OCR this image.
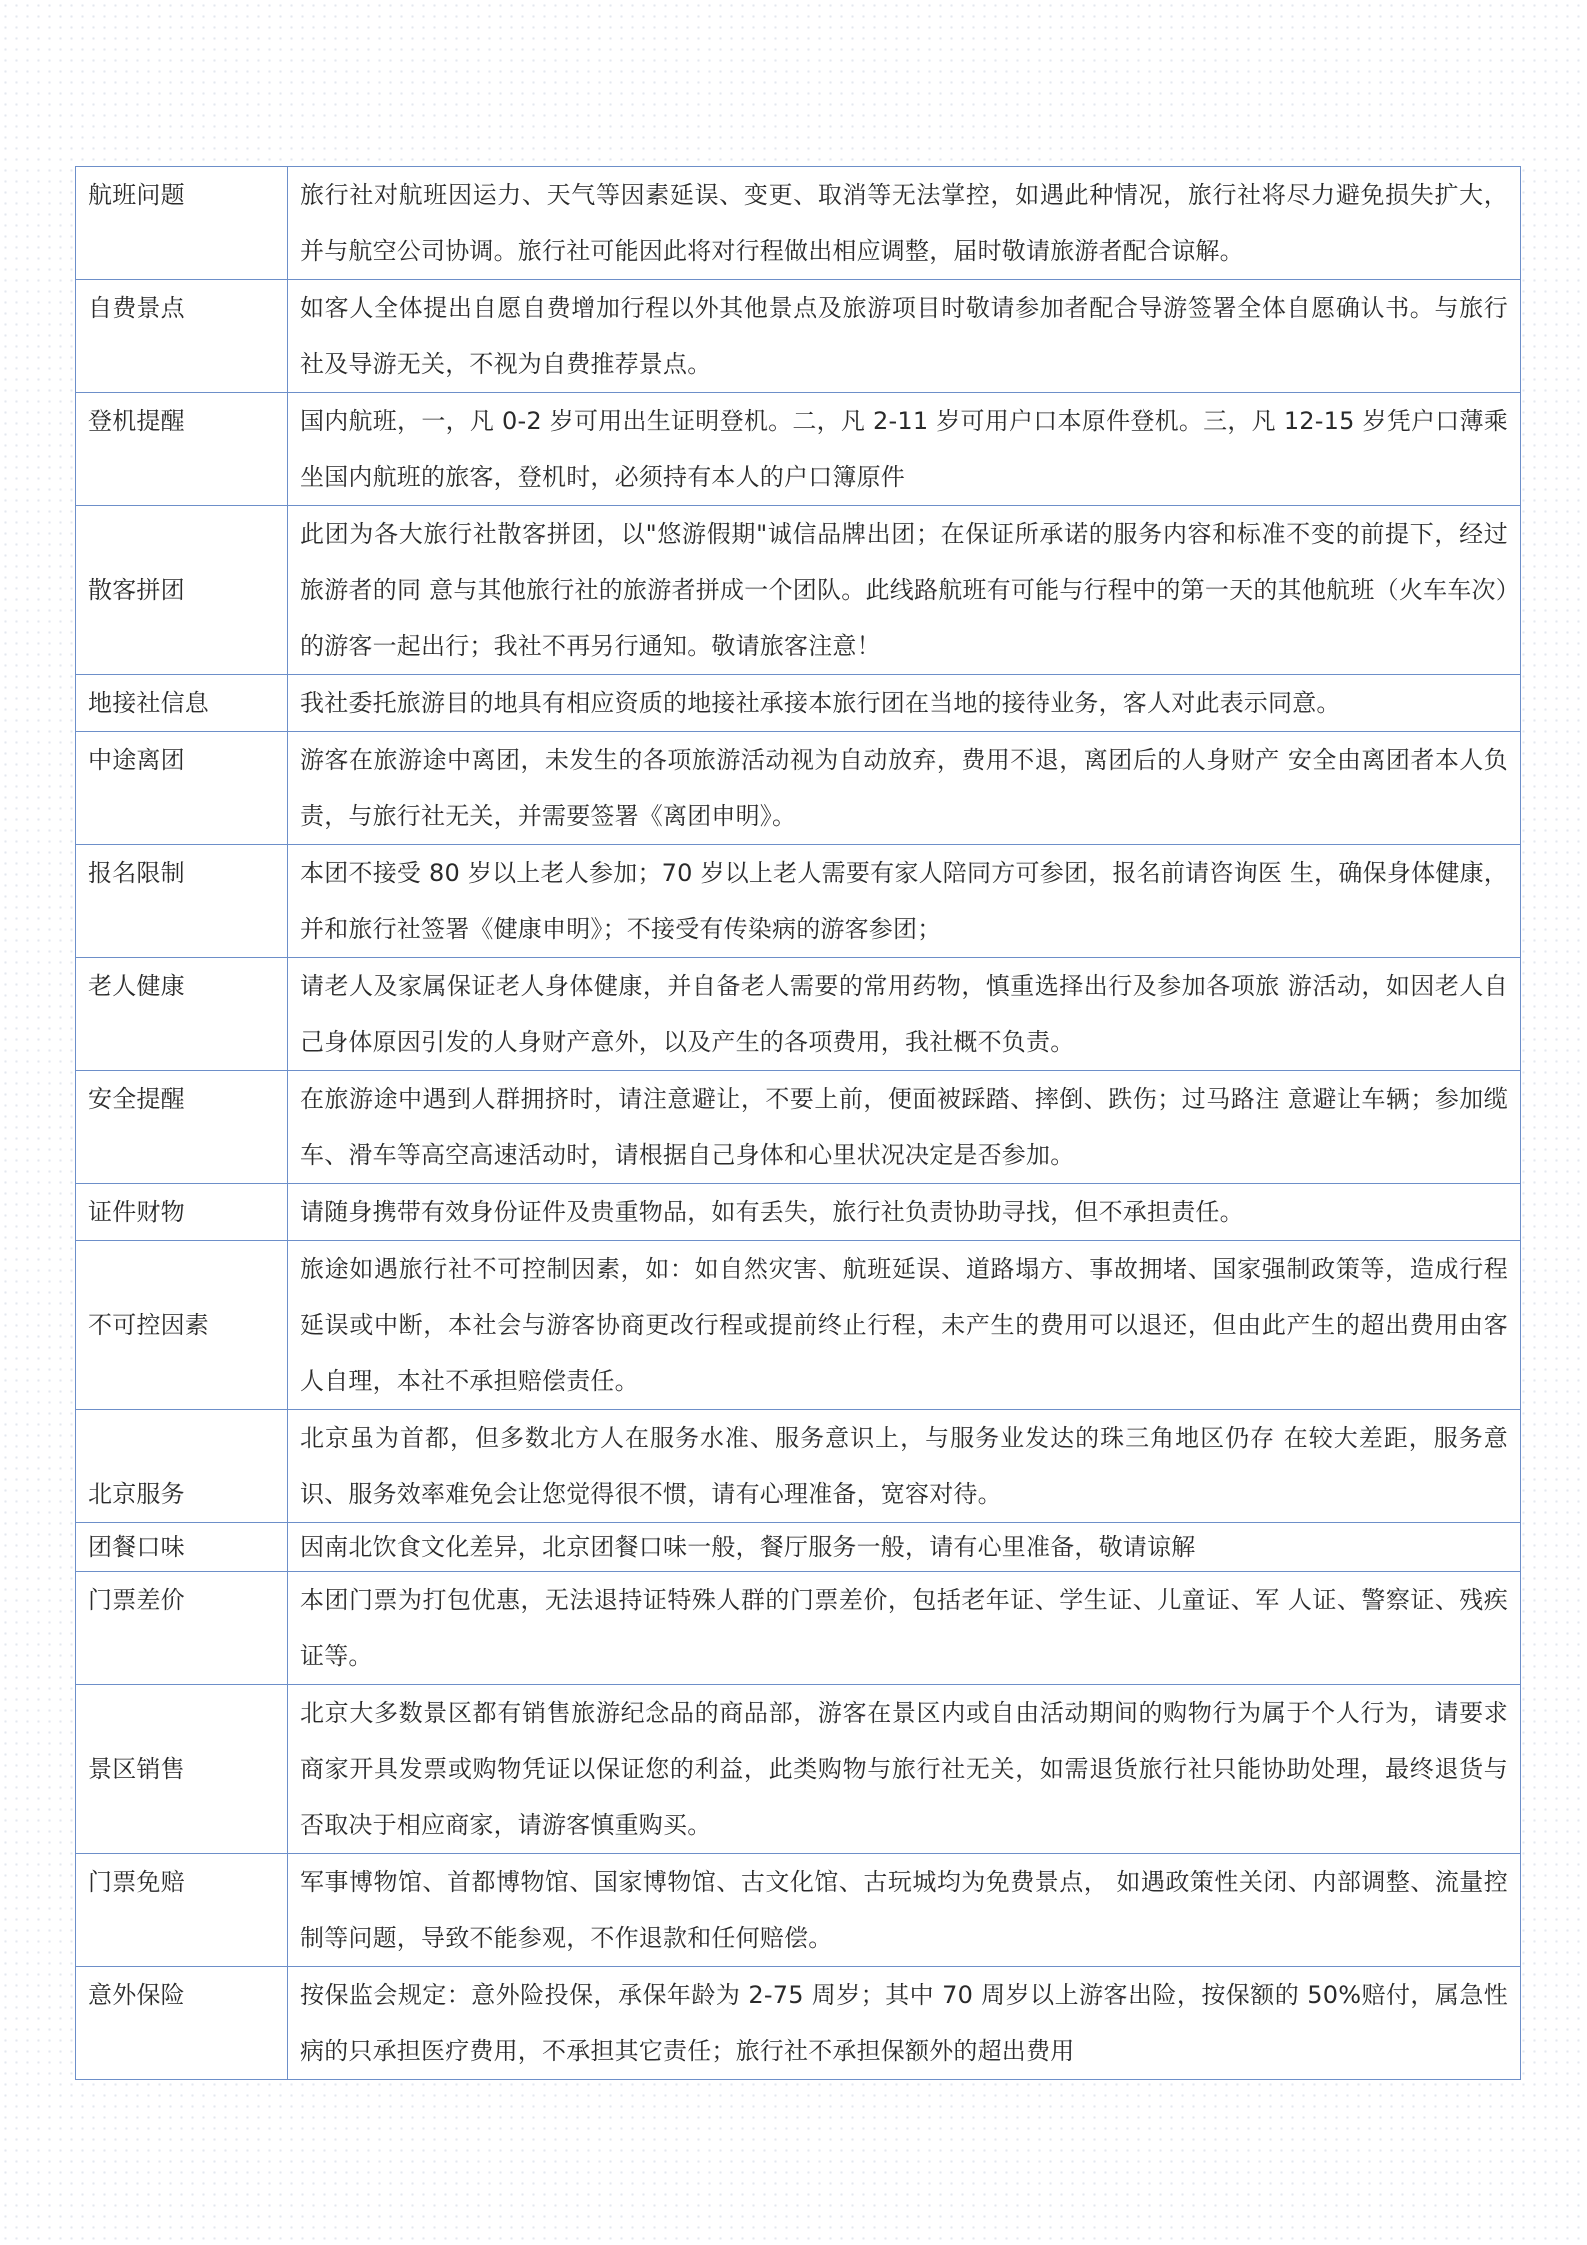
航班问题	旅行社对航班因运力、天气等因素延误、变更、取消等无法掌控，如遇此种情况，旅行社将尽力避免损失扩大，并与航空公司协调。旅行社可能因此将对行程做出相应调整，届时敬请旅游者配合谅解。
自费景点	如客人全体提出自愿自费增加行程以外其他景点及旅游项目时敬请参加者配合导游签署全体自愿确认书。与旅行社及导游无关，不视为自费推荐景点。
登机提醒	国内航班，一，凡 0-2 岁可用出生证明登机。二，凡 2-11 岁可用户口本原件登机。三，凡 12-15 岁凭户口薄乘坐国内航班的旅客，登机时，必须持有本人的户口簿原件
散客拼团	此团为各大旅行社散客拼团，以"悠游假期"诚信品牌出团；在保证所承诺的服务内容和标准不变的前提下，经过旅游者的同 意与其他旅行社的旅游者拼成一个团队。此线路航班有可能与行程中的第一天的其他航班（火车车次）的游客一起出行；我社不再另行通知。敬请旅客注意！
地接社信息	我社委托旅游目的地具有相应资质的地接社承接本旅行团在当地的接待业务，客人对此表示同意。
中途离团	游客在旅游途中离团，未发生的各项旅游活动视为自动放弃，费用不退，离团后的人身财产 安全由离团者本人负责，与旅行社无关，并需要签署《离团申明》。
报名限制	本团不接受 80 岁以上老人参加；70 岁以上老人需要有家人陪同方可参团，报名前请咨询医 生，确保身体健康，并和旅行社签署《健康申明》；不接受有传染病的游客参团；
老人健康	请老人及家属保证老人身体健康，并自备老人需要的常用药物，慎重选择出行及参加各项旅 游活动，如因老人自己身体原因引发的人身财产意外，以及产生的各项费用，我社概不负责。
安全提醒	在旅游途中遇到人群拥挤时，请注意避让，不要上前，便面被踩踏、摔倒、跌伤；过马路注 意避让车辆；参加缆车、滑车等高空高速活动时，请根据自己身体和心里状况决定是否参加。
证件财物	请随身携带有效身份证件及贵重物品，如有丢失，旅行社负责协助寻找，但不承担责任。
不可控因素	旅途如遇旅行社不可控制因素，如：如自然灾害、航班延误、道路塌方、事故拥堵、国家强制政策等，造成行程延误或中断，本社会与游客协商更改行程或提前终止行程，未产生的费用可以退还，但由此产生的超出费用由客人自理，本社不承担赔偿责任。
北京服务	北京虽为首都，但多数北方人在服务水准、服务意识上，与服务业发达的珠三角地区仍存 在较大差距，服务意识、服务效率难免会让您觉得很不惯，请有心理准备，宽容对待。
团餐口味	因南北饮食文化差异，北京团餐口味一般，餐厅服务一般，请有心里准备，敬请谅解
门票差价	本团门票为打包优惠，无法退持证特殊人群的门票差价，包括老年证、学生证、儿童证、军 人证、警察证、残疾证等。
景区销售	北京大多数景区都有销售旅游纪念品的商品部，游客在景区内或自由活动期间的购物行为属于个人行为，请要求商家开具发票或购物凭证以保证您的利益，此类购物与旅行社无关，如需退货旅行社只能协助处理，最终退货与否取决于相应商家，请游客慎重购买。
门票免赔	军事博物馆、首都博物馆、国家博物馆、古文化馆、古玩城均为免费景点， 如遇政策性关闭、内部调整、流量控制等问题，导致不能参观，不作退款和任何赔偿。
意外保险	按保监会规定：意外险投保，承保年龄为 2-75 周岁；其中 70 周岁以上游客出险，按保额的 50%赔付，属急性病的只承担医疗费用，不承担其它责任；旅行社不承担保额外的超出费用
